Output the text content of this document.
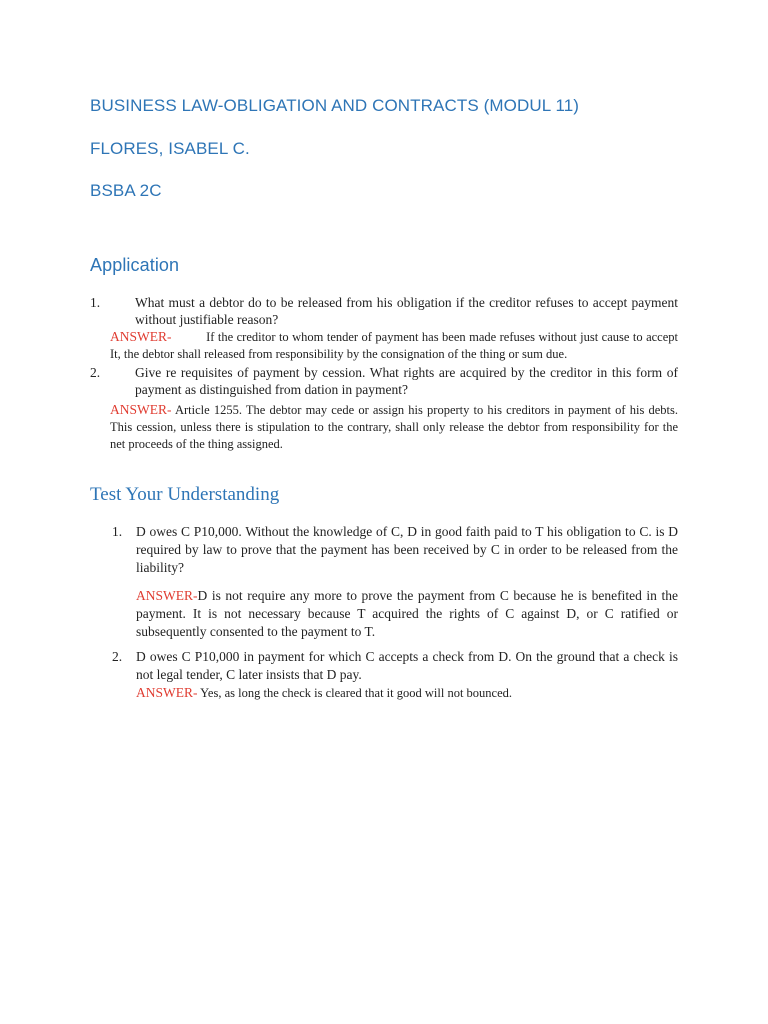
BUSINESS LAW-OBLIGATION AND CONTRACTS (MODUL 11)
FLORES, ISABEL C.
BSBA 2C
Application
1.	What must a debtor do to be released from his obligation if the creditor refuses to accept payment without justifiable reason?
ANSWER-	If the creditor to whom tender of payment has been made refuses without just cause to accept It, the debtor shall released from responsibility by the consignation of the thing or sum due.
2.	Give re requisites of payment by cession. What rights are acquired by the creditor in this form of payment as distinguished from dation in payment?
ANSWER- Article 1255. The debtor may cede or assign his property to his creditors in payment of his debts. This cession, unless there is stipulation to the contrary, shall only release the debtor from responsibility for the net proceeds of the thing assigned.
Test Your Understanding
1.	D owes C P10,000. Without the knowledge of C, D in good faith paid to T his obligation to C. is D required by law to prove that the payment has been received by C in order to be released from the liability?
ANSWER-D is not require any more to prove the payment from C because he is benefited in the payment. It is not necessary because T acquired the rights of C against D, or C ratified or subsequently consented to the payment to T.
2.	D owes C P10,000 in payment for which C accepts a check from D. On the ground that a check is not legal tender, C later insists that D pay.
ANSWER- Yes, as long the check is cleared that it good will not bounced.
